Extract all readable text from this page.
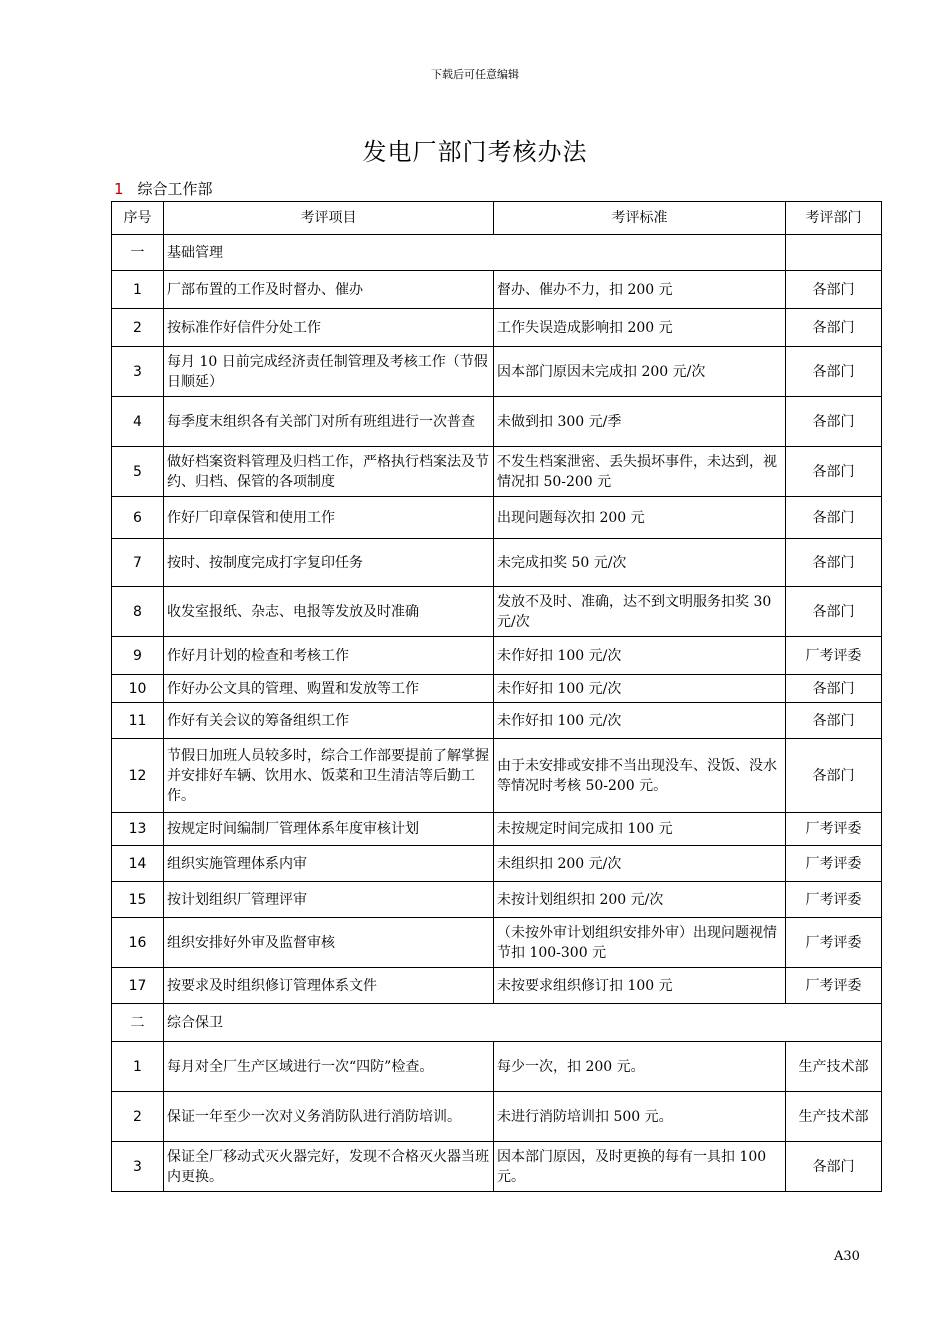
下载后可任意编辑
发电厂部门考核办法
1 综合工作部
序号	考评项目	考评标准	考评部门
一	基础管理		
1	厂部布置的工作及时督办、催办	督办、催办不力，扣 200 元	各部门
2	按标准作好信件分处工作	工作失误造成影响扣 200 元	各部门
3	每月 10 日前完成经济责任制管理及考核工作（节假日顺延）	因本部门原因未完成扣 200 元/次	各部门
4	每季度末组织各有关部门对所有班组进行一次普查	未做到扣 300 元/季	各部门
5	做好档案资料管理及归档工作，严格执行档案法及节约、归档、保管的各项制度	不发生档案泄密、丢失损坏事件，未达到，视情况扣 50-200 元	各部门
6	作好厂印章保管和使用工作	出现问题每次扣 200 元	各部门
7	按时、按制度完成打字复印任务	未完成扣奖 50 元/次	各部门
8	收发室报纸、杂志、电报等发放及时准确	发放不及时、准确，达不到文明服务扣奖 30 元/次	各部门
9	作好月计划的检查和考核工作	未作好扣 100 元/次	厂考评委
10	作好办公文具的管理、购置和发放等工作	未作好扣 100 元/次	各部门
11	作好有关会议的筹备组织工作	未作好扣 100 元/次	各部门
12	节假日加班人员较多时，综合工作部要提前了解掌握并安排好车辆、饮用水、饭菜和卫生清洁等后勤工作。	由于未安排或安排不当出现没车、没饭、没水等情况时考核 50-200 元。	各部门
13	按规定时间编制厂管理体系年度审核计划	未按规定时间完成扣 100 元	厂考评委
14	组织实施管理体系内审	未组织扣 200 元/次	厂考评委
15	按计划组织厂管理评审	未按计划组织扣 200 元/次	厂考评委
16	组织安排好外审及监督审核	（未按外审计划组织安排外审）出现问题视情节扣 100-300 元	厂考评委
17	按要求及时组织修订管理体系文件	未按要求组织修订扣 100 元	厂考评委
二	综合保卫		
1	每月对全厂生产区域进行一次“四防”检查。	每少一次，扣 200 元。	生产技术部
2	保证一年至少一次对义务消防队进行消防培训。	未进行消防培训扣 500 元。	生产技术部
3	保证全厂移动式灭火器完好，发现不合格灭火器当班内更换。	因本部门原因，及时更换的每有一具扣 100 元。	各部门
A30
